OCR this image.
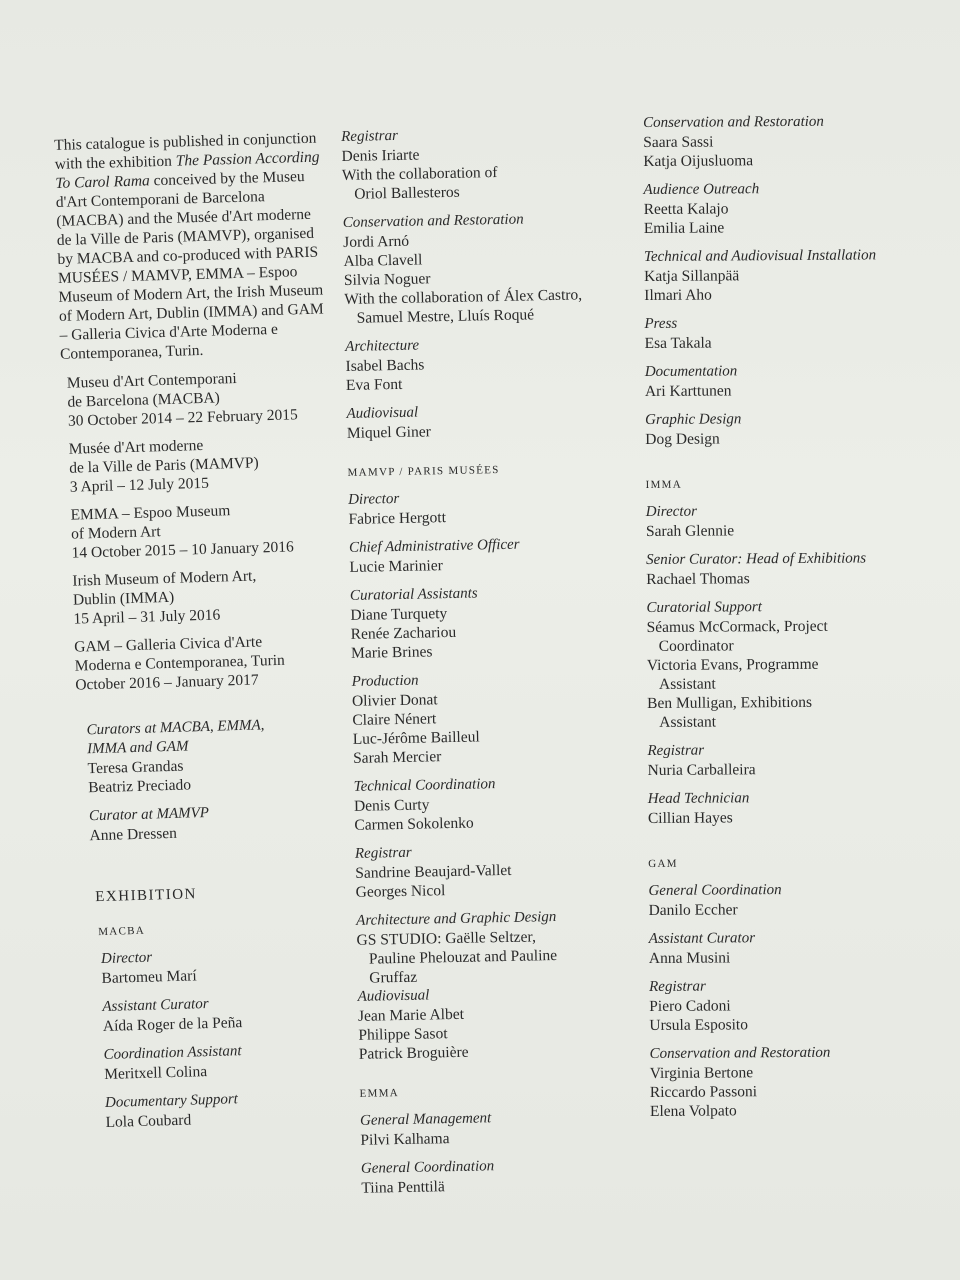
This catalogue is published in conjunction with the exhibition The Passion According To Carol Rama conceived by the Museu d'Art Contemporani de Barcelona (MACBA) and the Musée d'Art moderne de la Ville de Paris (MAMVP), organised by MACBA and co-produced with PARIS MUSÉES / MAMVP, EMMA – Espoo Museum of Modern Art, the Irish Museum of Modern Art, Dublin (IMMA) and GAM – Galleria Civica d'Arte Moderna e Contemporanea, Turin.
Museu d'Art Contemporani
de Barcelona (MACBA)
30 October 2014 – 22 February 2015
Musée d'Art moderne
de la Ville de Paris (MAMVP)
3 April – 12 July 2015
EMMA – Espoo Museum
of Modern Art
14 October 2015 – 10 January 2016
Irish Museum of Modern Art,
Dublin (IMMA)
15 April – 31 July 2016
GAM – Galleria Civica d'Arte
Moderna e Contemporanea, Turin
October 2016 – January 2017
Curators at MACBA, EMMA,
IMMA and GAM
Teresa Grandas
Beatriz Preciado
Curator at MAMVP
Anne Dressen
EXHIBITION
MACBA
Director
Bartomeu Marí
Assistant Curator
Aída Roger de la Peña
Coordination Assistant
Meritxell Colina
Documentary Support
Lola Coubard
Registrar
Denis Iriarte
With the collaboration of
Oriol Ballesteros
Conservation and Restoration
Jordi Arnó
Alba Clavell
Silvia Noguer
With the collaboration of Álex Castro,
Samuel Mestre, Lluís Roqué
Architecture
Isabel Bachs
Eva Font
Audiovisual
Miquel Giner
MAMVP / PARIS MUSÉES
Director
Fabrice Hergott
Chief Administrative Officer
Lucie Marinier
Curatorial Assistants
Diane Turquety
Renée Zachariou
Marie Brines
Production
Olivier Donat
Claire Nénert
Luc-Jérôme Bailleul
Sarah Mercier
Technical Coordination
Denis Curty
Carmen Sokolenko
Registrar
Sandrine Beaujard-Vallet
Georges Nicol
Architecture and Graphic Design
GS STUDIO: Gaëlle Seltzer,
Pauline Phelouzat and Pauline
Gruffaz
Audiovisual
Jean Marie Albet
Philippe Sasot
Patrick Broguière
EMMA
General Management
Pilvi Kalhama
General Coordination
Tiina Penttilä
Conservation and Restoration
Saara Sassi
Katja Oijusluoma
Audience Outreach
Reetta Kalajo
Emilia Laine
Technical and Audiovisual Installation
Katja Sillanpää
Ilmari Aho
Press
Esa Takala
Documentation
Ari Karttunen
Graphic Design
Dog Design
IMMA
Director
Sarah Glennie
Senior Curator: Head of Exhibitions
Rachael Thomas
Curatorial Support
Séamus McCormack, Project
Coordinator
Victoria Evans, Programme
Assistant
Ben Mulligan, Exhibitions
Assistant
Registrar
Nuria Carballeira
Head Technician
Cillian Hayes
GAM
General Coordination
Danilo Eccher
Assistant Curator
Anna Musini
Registrar
Piero Cadoni
Ursula Esposito
Conservation and Restoration
Virginia Bertone
Riccardo Passoni
Elena Volpato
